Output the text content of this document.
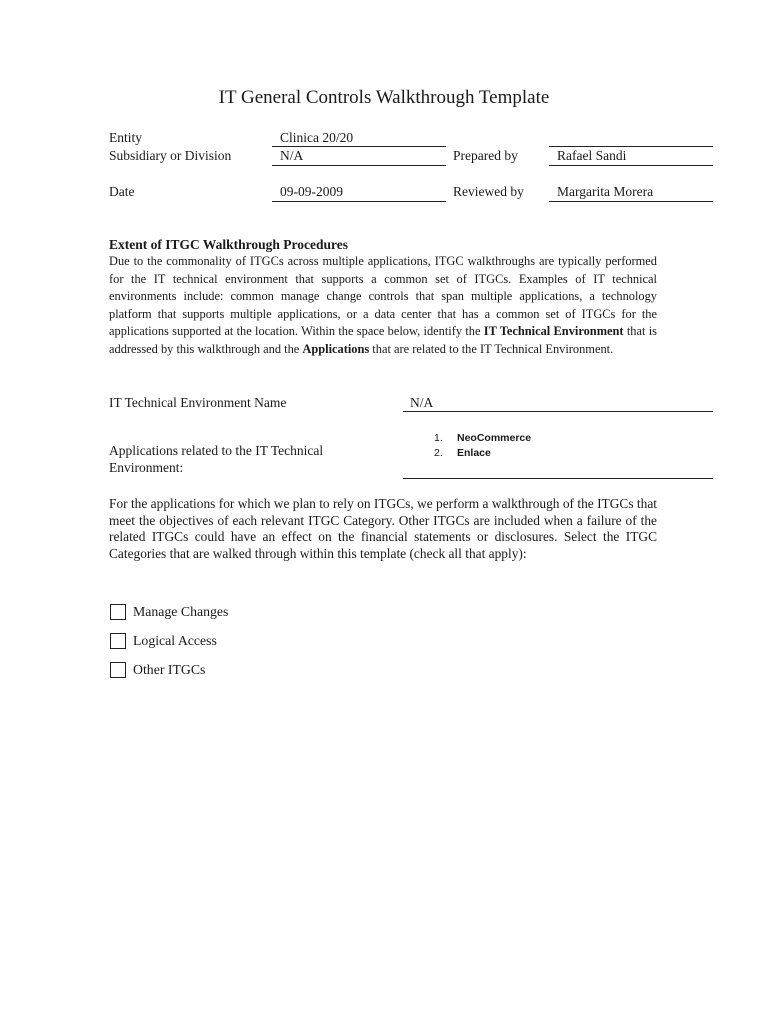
IT General Controls Walkthrough Template
Entity	Clinica 20/20
Subsidiary or Division	N/A	Prepared by	Rafael Sandi
Date	09-09-2009	Reviewed by Margarita Morera
Extent of ITGC Walkthrough Procedures
Due to the commonality of ITGCs across multiple applications, ITGC walkthroughs are typically performed for the IT technical environment that supports a common set of ITGCs. Examples of IT technical environments include: common manage change controls that span multiple applications, a technology platform that supports multiple applications, or a data center that has a common set of ITGCs for the applications supported at the location. Within the space below, identify the IT Technical Environment that is addressed by this walkthrough and the Applications that are related to the IT Technical Environment.
IT Technical Environment Name	N/A
Applications related to the IT Technical
Environment:
1. NeoCommerce
2. Enlace
For the applications for which we plan to rely on ITGCs, we perform a walkthrough of the ITGCs that meet the objectives of each relevant ITGC Category. Other ITGCs are included when a failure of the related ITGCs could have an effect on the financial statements or disclosures. Select the ITGC Categories that are walked through within this template (check all that apply):
Manage Changes
Logical Access
Other ITGCs
